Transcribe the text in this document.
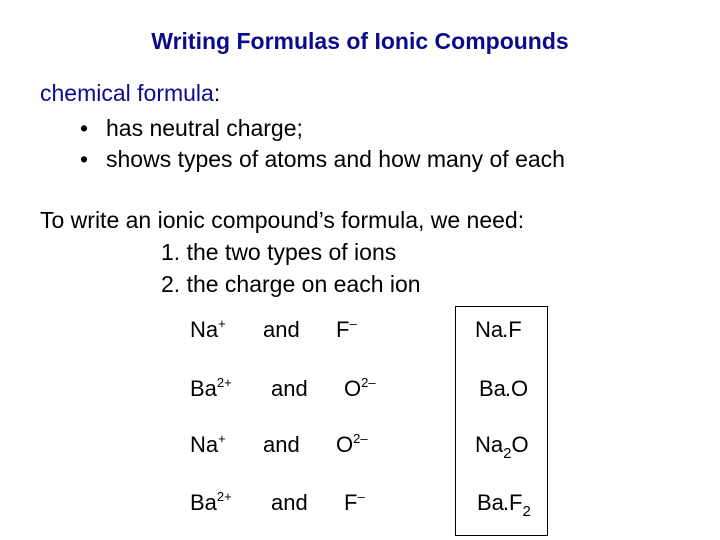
Writing Formulas of Ionic Compounds
chemical formula:
• has neutral charge;
• shows types of atoms and how many of each
To write an ionic compound’s formula, we need:
1. the two types of ions
2. the charge on each ion
Na+ and F–	Na.F
$Ba^{2+}$ and $O^{2-}$	Ba.O
Na+ and $O^{2-}$	$Na_2O$
$Ba^{2+}$ and F–	$Ba.F_2$
